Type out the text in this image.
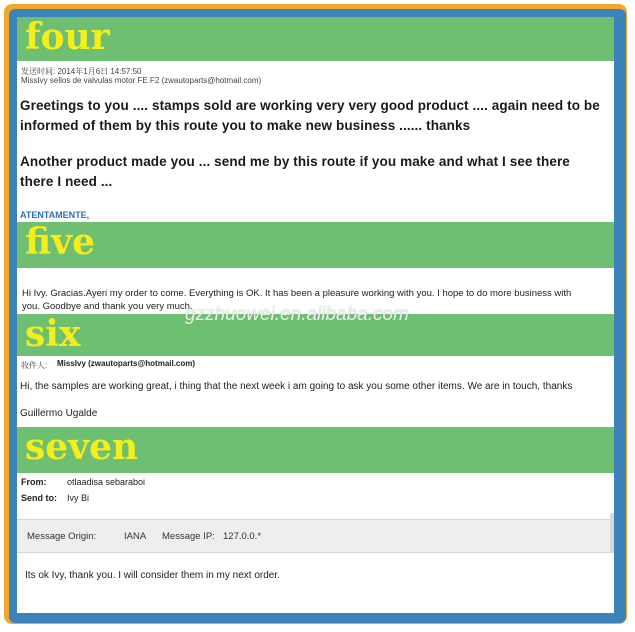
four
发送时间: 2014年1月6日 14:57:50
MissIvy sellos de valvulas motor FE F2 (zwautoparts@hotmail.com)
Greetings to you .... stamps sold are working very very good product .... again need to be
informed of them by this route you to make new business ...... thanks
Another product made you ... send me by this route if you make and what I see there
there I need ...
ATENTAMENTE,
five
Hi Ivy. Gracias.Ayeri my order to come. Everything is OK. It has been a pleasure working with you. I hope to do more business with
you. Goodbye and thank you very much.
six
收件人: MissIvy (zwautoparts@hotmail.com)
Hi, the samples are working great, i thing that the next week i am going to ask you some other items. We are in touch, thanks
Guillermo Ugalde
seven
From: otlaadisa sebaraboi
Send to: Ivy Bi
Message Origin:	IANA Message IP: 127.0.0.*
Its ok Ivy, thank you. I will consider them in my next order.
gzzhuowei.en.alibaba.com
